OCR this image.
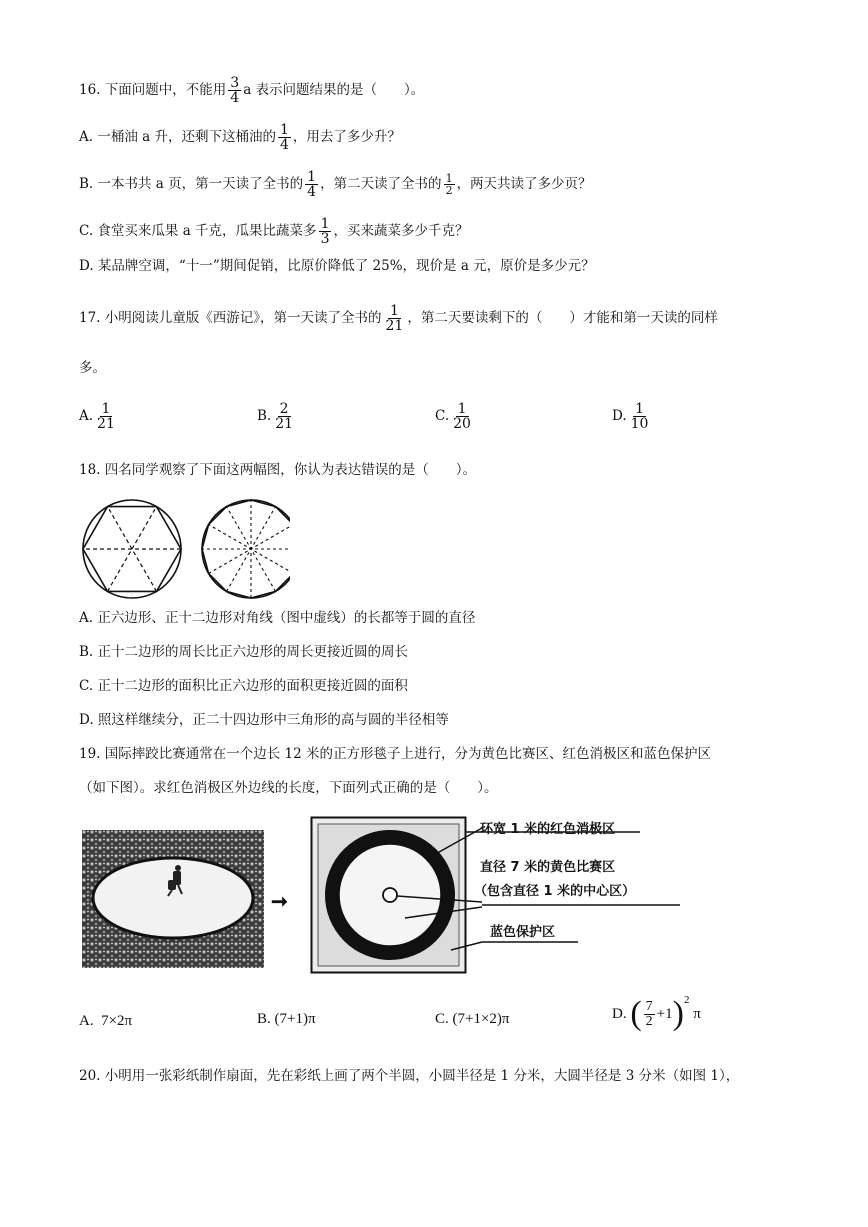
16. 下面问题中，不能用 $\frac{3}{4}$ a 表示问题结果的是（　　）。
A. 一桶油 a 升，还剩下这桶油的 $\frac{1}{4}$ ，用去了多少升？
B. 一本书共 a 页，第一天读了全书的 $\frac{1}{4}$ ，第二天读了全书的 $\frac{1}{2}$ ，两天共读了多少页？
C. 食堂买来瓜果 a 千克，瓜果比蔬菜多 $\frac{1}{3}$ ，买来蔬菜多少千克？
D. 某品牌空调，“十一”期间促销，比原价降低了 25%，现价是 a 元，原价是多少元？
17. 小明阅读儿童版《西游记》，第一天读了全书的 $\frac{1}{21}$ ，第二天要读剩下的（　　）才能和第一天读的同样
多。
A. $\frac{1}{21}$	B. $\frac{2}{21}$	C. $\frac{1}{20}$	D. $\frac{1}{10}$
18. 四名同学观察了下面这两幅图，你认为表达错误的是（　　）。
A. 正六边形、正十二边形对角线（图中虚线）的长都等于圆的直径
B. 正十二边形的周长比正六边形的周长更接近圆的周长
C. 正十二边形的面积比正六边形的面积更接近圆的面积
D. 照这样继续分，正二十四边形中三角形的高与圆的半径相等
19. 国际摔跤比赛通常在一个边长 12 米的正方形毯子上进行，分为黄色比赛区、红色消极区和蓝色保护区
（如下图）。求红色消极区外边线的长度，下面列式正确的是（　　）。
➞
环宽 1 米的红色消极区
直径 7 米的黄色比赛区
（包含直径 1 米的中心区）
蓝色保护区
A. 7×2π	B. (7+1)π	C. (7+1×2)π	D.
( $\frac{7}{2} +1$ )$^2$

π
20. 小明用一张彩纸制作扇面，先在彩纸上画了两个半圆，小圆半径是 1 分米，大圆半径是 3 分米（如图 1），
